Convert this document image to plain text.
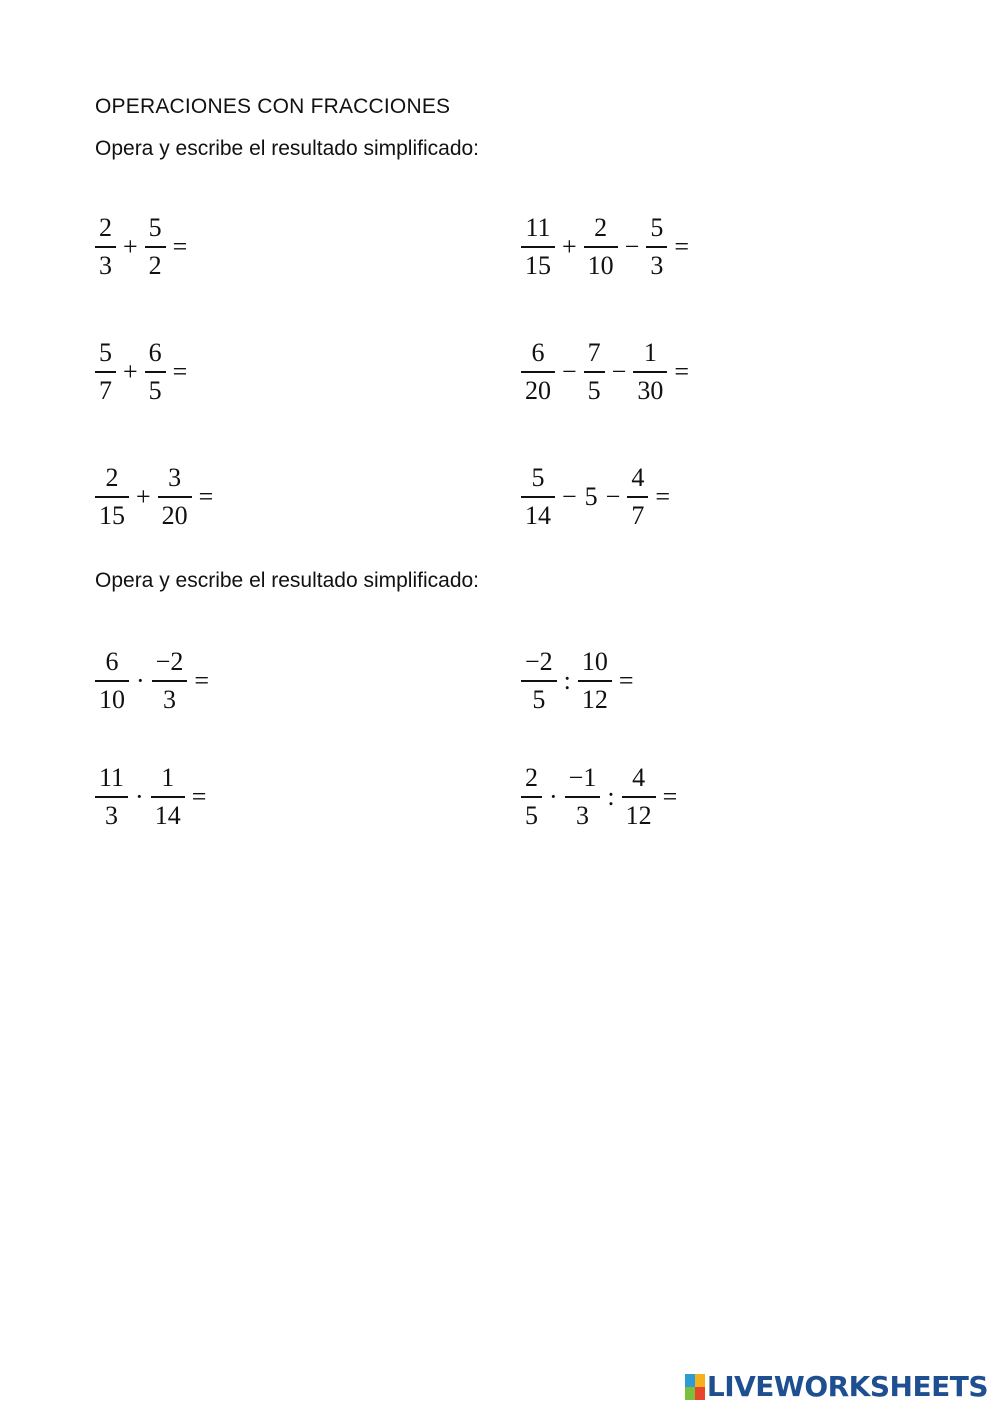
OPERACIONES CON FRACCIONES
Opera y escribe el resultado simplificado:
$\frac{2}{3} + \frac{5}{2}$ =	$\frac{11}{15} + \frac{2}{10} - \frac{5}{3}$ =
$\frac{5}{7} + \frac{6}{5}$ =	$\frac{6}{20} - \frac{7}{5} - \frac{1}{30}$ =
$\frac{2}{15} + \frac{3}{20}$ =	$\frac{5}{14} - 5 - \frac{4}{7}$ =
Opera y escribe el resultado simplificado:
$\frac{6}{10} \cdot \frac{-2}{3}$ =	$\frac{-2}{5}$ : $\frac{10}{12}$ =
$\frac{11}{3} \cdot \frac{1}{14}$ =	$\frac{2}{5} \cdot \frac{-1}{3}$ : $\frac{4}{12}$ =
LIVEWORKSHEETS
